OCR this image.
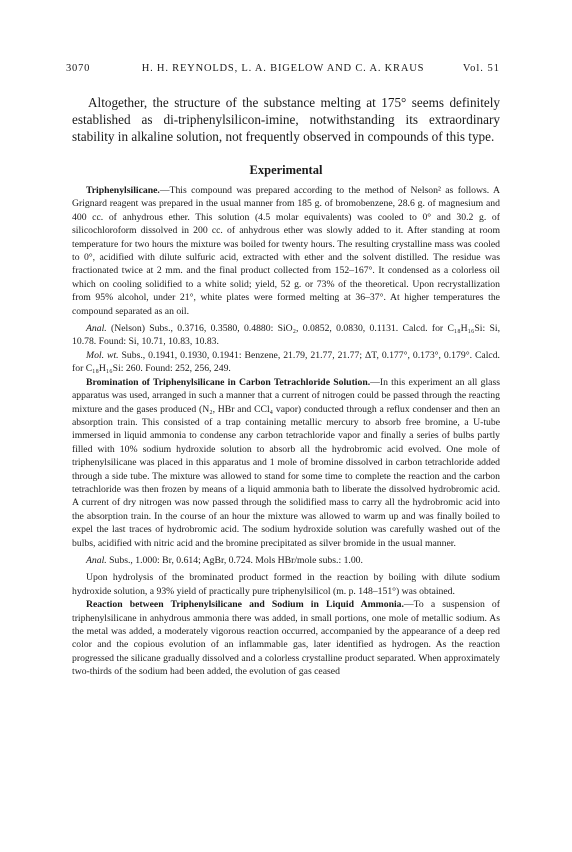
3070	H. H. REYNOLDS, L. A. BIGELOW AND C. A. KRAUS	Vol. 51
Altogether, the structure of the substance melting at 175° seems definitely established as di-triphenylsilicon-imine, notwithstanding its extraordinary stability in alkaline solution, not frequently observed in compounds of this type.
Experimental

Triphenylsilicane.—This compound was prepared according to the method of Nelson² as follows. A Grignard reagent was prepared in the usual manner from 185 g. of bromobenzene, 28.6 g. of magnesium and 400 cc. of anhydrous ether. This solution (4.5 molar equivalents) was cooled to 0° and 30.2 g. of silicochloroform dissolved in 200 cc. of anhydrous ether was slowly added to it. After standing at room temperature for two hours the mixture was boiled for twenty hours. The resulting crystalline mass was cooled to 0°, acidified with dilute sulfuric acid, extracted with ether and the solvent distilled. The residue was fractionated twice at 2 mm. and the final product collected from 152–167°. It condensed as a colorless oil which on cooling solidified to a white solid; yield, 52 g. or 73% of the theoretical. Upon recrystallization from 95% alcohol, under 21°, white plates were formed melting at 36–37°. At higher temperatures the compound separated as an oil.

Anal. (Nelson) Subs., 0.3716, 0.3580, 0.4880: SiO₂, 0.0852, 0.0830, 0.1131. Calcd. for C₁₈H₁₆Si: Si, 10.78. Found: Si, 10.71, 10.83, 10.83.

Mol. wt. Subs., 0.1941, 0.1930, 0.1941: Benzene, 21.79, 21.77, 21.77; ΔT, 0.177°, 0.173°, 0.179°. Calcd. for C₁₈H₁₆Si: 260. Found: 252, 256, 249.

Bromination of Triphenylsilicane in Carbon Tetrachloride Solution.—In this experiment an all glass apparatus was used, arranged in such a manner that a current of nitrogen could be passed through the reacting mixture and the gases produced (N₂, HBr and CCl₄ vapor) conducted through a reflux condenser and then an absorption train. This consisted of a trap containing metallic mercury to absorb free bromine, a U-tube immersed in liquid ammonia to condense any carbon tetrachloride vapor and finally a series of bulbs partly filled with 10% sodium hydroxide solution to absorb all the hydrobromic acid evolved. One mole of triphenylsilicane was placed in this apparatus and 1 mole of bromine dissolved in carbon tetrachloride added through a side tube. The mixture was allowed to stand for some time to complete the reaction and the carbon tetrachloride was then frozen by means of a liquid ammonia bath to liberate the dissolved hydrobromic acid. A current of dry nitrogen was now passed through the solidified mass to carry all the hydrobromic acid into the absorption train. In the course of an hour the mixture was allowed to warm up and was finally boiled to expel the last traces of hydrobromic acid. The sodium hydroxide solution was carefully washed out of the bulbs, acidified with nitric acid and the bromine precipitated as silver bromide in the usual manner.

Anal. Subs., 1.000: Br, 0.614; AgBr, 0.724. Mols HBr/mole subs.: 1.00.

Upon hydrolysis of the brominated product formed in the reaction by boiling with dilute sodium hydroxide solution, a 93% yield of practically pure triphenylsilicol (m. p. 148–151°) was obtained.

Reaction between Triphenylsilicane and Sodium in Liquid Ammonia.—To a suspension of triphenylsilicane in anhydrous ammonia there was added, in small portions, one mole of metallic sodium. As the metal was added, a moderately vigorous reaction occurred, accompanied by the appearance of a deep red color and the copious evolution of an inflammable gas, later identified as hydrogen. As the reaction progressed the silicane gradually dissolved and a colorless crystalline product separated. When approximately two-thirds of the sodium had been added, the evolution of gas ceased
